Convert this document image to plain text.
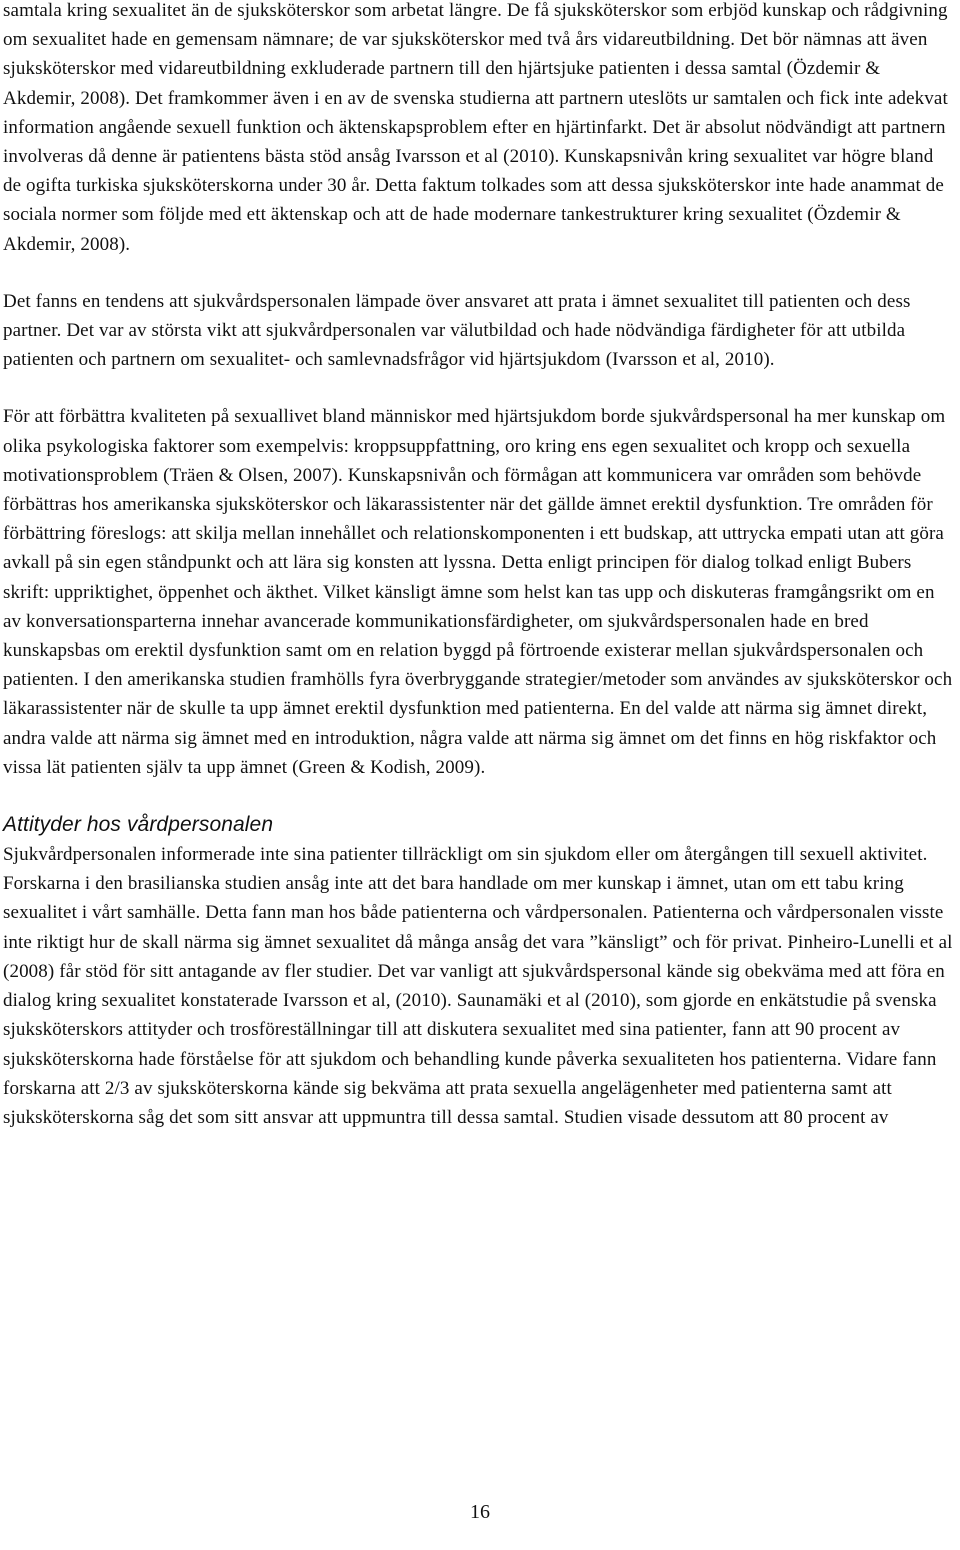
samtala kring sexualitet än de sjuksköterskor som arbetat längre. De få sjuksköterskor som erbjöd kunskap och rådgivning om sexualitet hade en gemensam nämnare; de var sjuksköterskor med två års vidareutbildning. Det bör nämnas att även sjuksköterskor med vidareutbildning exkluderade partnern till den hjärtsjuke patienten i dessa samtal (Özdemir & Akdemir, 2008). Det framkommer även i en av de svenska studierna att partnern uteslöts ur samtalen och fick inte adekvat information angående sexuell funktion och äktenskapsproblem efter en hjärtinfarkt. Det är absolut nödvändigt att partnern involveras då denne är patientens bästa stöd ansåg Ivarsson et al (2010). Kunskapsnivån kring sexualitet var högre bland de ogifta turkiska sjuksköterskorna under 30 år. Detta faktum tolkades som att dessa sjuksköterskor inte hade anammat de sociala normer som följde med ett äktenskap och att de hade modernare tankestrukturer kring sexualitet (Özdemir & Akdemir, 2008).

Det fanns en tendens att sjukvårdspersonalen lämpade över ansvaret att prata i ämnet sexualitet till patienten och dess partner. Det var av största vikt att sjukvårdpersonalen var välutbildad och hade nödvändiga färdigheter för att utbilda patienten och partnern om sexualitet- och samlevnadsfrågor vid hjärtsjukdom (Ivarsson et al, 2010).

För att förbättra kvaliteten på sexuallivet bland människor med hjärtsjukdom borde sjukvårdspersonal ha mer kunskap om olika psykologiska faktorer som exempelvis: kroppsuppfattning, oro kring ens egen sexualitet och kropp och sexuella motivationsproblem (Träen & Olsen, 2007). Kunskapsnivån och förmågan att kommunicera var områden som behövde förbättras hos amerikanska sjuksköterskor och läkarassistenter när det gällde ämnet erektil dysfunktion. Tre områden för förbättring föreslogs: att skilja mellan innehållet och relationskomponenten i ett budskap, att uttrycka empati utan att göra avkall på sin egen ståndpunkt och att lära sig konsten att lyssna. Detta enligt principen för dialog tolkad enligt Bubers skrift: uppriktighet, öppenhet och äkthet. Vilket känsligt ämne som helst kan tas upp och diskuteras framgångsrikt om en av konversationsparterna innehar avancerade kommunikationsfärdigheter, om sjukvårdspersonalen hade en bred kunskapsbas om erektil dysfunktion samt om en relation byggd på förtroende existerar mellan sjukvårdspersonalen och patienten. I den amerikanska studien framhölls fyra överbryggande strategier/metoder som användes av sjuksköterskor och läkarassistenter när de skulle ta upp ämnet erektil dysfunktion med patienterna. En del valde att närma sig ämnet direkt, andra valde att närma sig ämnet med en introduktion, några valde att närma sig ämnet om det finns en hög riskfaktor och vissa lät patienten själv ta upp ämnet (Green & Kodish, 2009).

Attityder hos vårdpersonalen

Sjukvårdpersonalen informerade inte sina patienter tillräckligt om sin sjukdom eller om återgången till sexuell aktivitet. Forskarna i den brasilianska studien ansåg inte att det bara handlade om mer kunskap i ämnet, utan om ett tabu kring sexualitet i vårt samhälle. Detta fann man hos både patienterna och vårdpersonalen. Patienterna och vårdpersonalen visste inte riktigt hur de skall närma sig ämnet sexualitet då många ansåg det vara ”känsligt” och för privat. Pinheiro-Lunelli et al (2008) får stöd för sitt antagande av fler studier. Det var vanligt att sjukvårdspersonal kände sig obekväma med att föra en dialog kring sexualitet konstaterade Ivarsson et al, (2010). Saunamäki et al (2010), som gjorde en enkätstudie på svenska sjuksköterskors attityder och trosföreställningar till att diskutera sexualitet med sina patienter, fann att 90 procent av sjuksköterskorna hade förståelse för att sjukdom och behandling kunde påverka sexualiteten hos patienterna. Vidare fann forskarna att 2/3 av sjuksköterskorna kände sig bekväma att prata sexuella angelägenheter med patienterna samt att sjuksköterskorna såg det som sitt ansvar att uppmuntra till dessa samtal. Studien visade dessutom att 80 procent av

16
